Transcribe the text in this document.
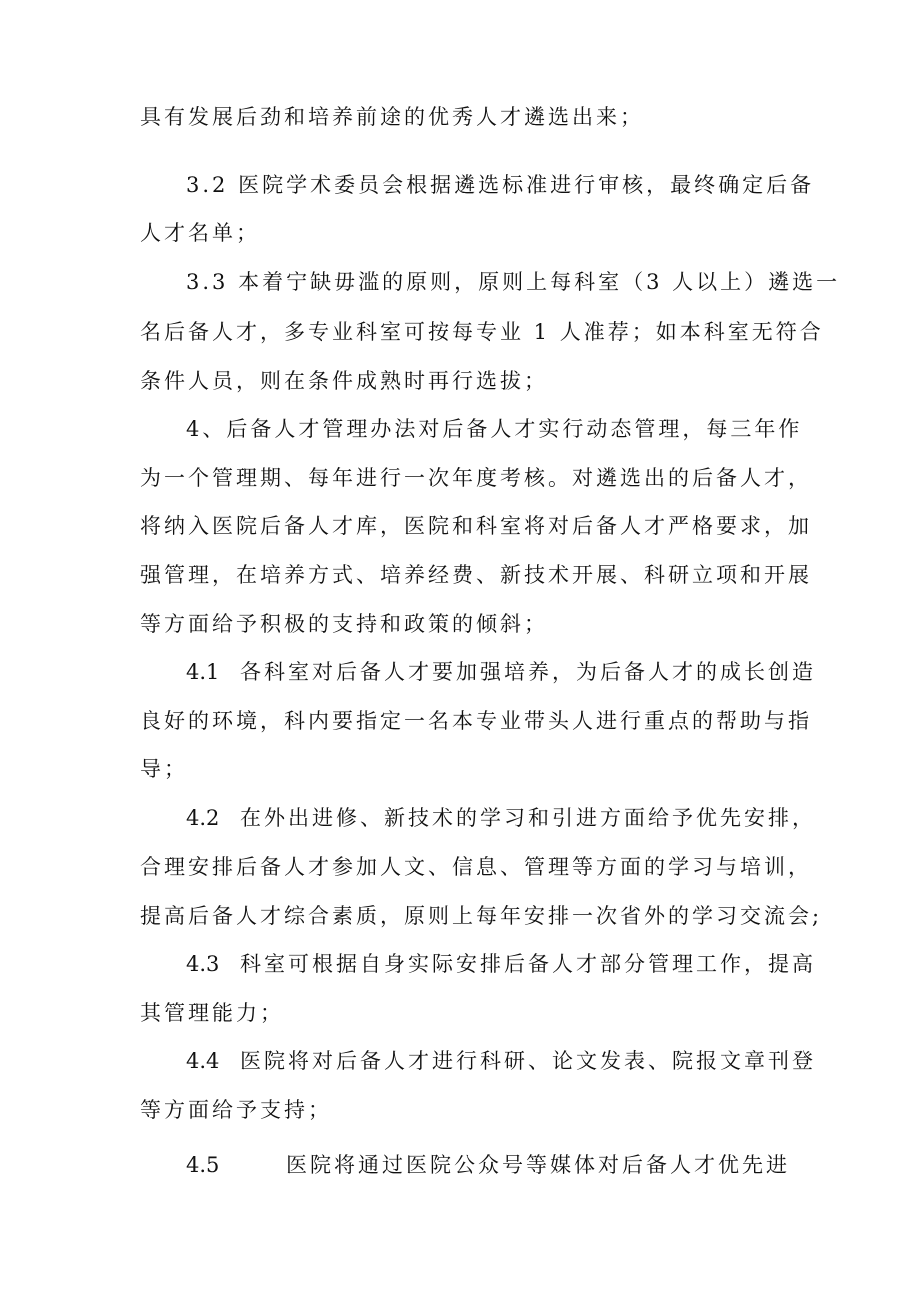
具有发展后劲和培养前途的优秀人才遴选出来；
3.2 医院学术委员会根据遴选标准进行审核，最终确定后备
人才名单；
3.3 本着宁缺毋滥的原则，原则上每科室（3 人以上）遴选一
名后备人才，多专业科室可按每专业 1 人准荐；如本科室无符合
条件人员，则在条件成熟时再行选拔；
4、后备人才管理办法对后备人才实行动态管理，每三年作
为一个管理期、每年进行一次年度考核。对遴选出的后备人才，
将纳入医院后备人才库，医院和科室将对后备人才严格要求，加
强管理，在培养方式、培养经费、新技术开展、科研立项和开展
等方面给予积极的支持和政策的倾斜；
4.1 各科室对后备人才要加强培养，为后备人才的成长创造
良好的环境，科内要指定一名本专业带头人进行重点的帮助与指
导；
4.2 在外出进修、新技术的学习和引进方面给予优先安排，
合理安排后备人才参加人文、信息、管理等方面的学习与培训，
提高后备人才综合素质，原则上每年安排一次省外的学习交流会;
4.3 科室可根据自身实际安排后备人才部分管理工作，提高
其管理能力；
4.4 医院将对后备人才进行科研、论文发表、院报文章刊登
等方面给予支持；
4.5	医院将通过医院公众号等媒体对后备人才优先进
